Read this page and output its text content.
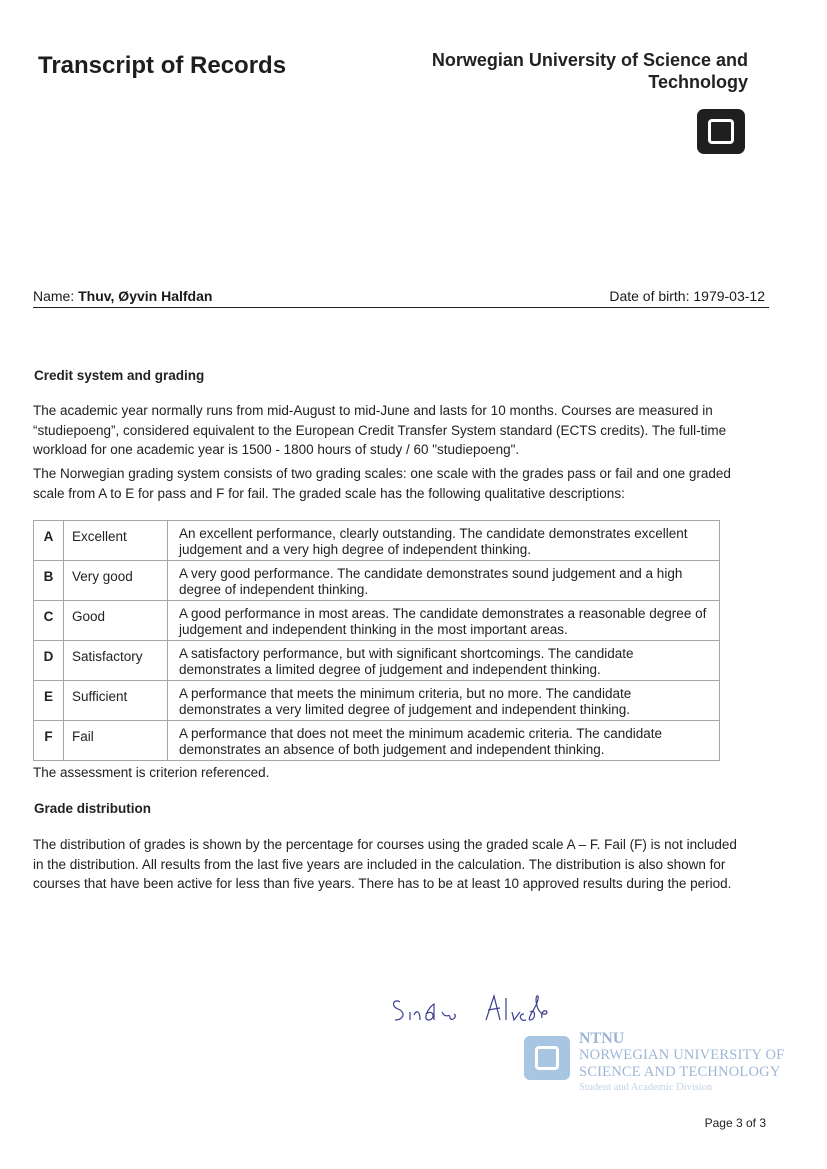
Transcript of Records	Norwegian University of Science and
Technology
Name: Thuv, Øyvin Halfdan	Date of birth: 1979-03-12
Credit system and grading

The academic year normally runs from mid-August to mid-June and lasts for 10 months. Courses are measured in “studiepoeng”, considered equivalent to the European Credit Transfer System standard (ECTS credits). The full-time workload for one academic year is 1500 - 1800 hours of study / 60 "studiepoeng".

The Norwegian grading system consists of two grading scales: one scale with the grades pass or fail and one graded scale from A to E for pass and F for fail. The graded scale has the following qualitative descriptions:

A	Excellent	An excellent performance, clearly outstanding. The candidate demonstrates excellent judgement and a very high degree of independent thinking.
B	Very good	A very good performance. The candidate demonstrates sound judgement and a high degree of independent thinking.
C	Good	A good performance in most areas. The candidate demonstrates a reasonable degree of judgement and independent thinking in the most important areas.
D	Satisfactory	A satisfactory performance, but with significant shortcomings. The candidate demonstrates a limited degree of judgement and independent thinking.
E	Sufficient	A performance that meets the minimum criteria, but no more. The candidate demonstrates a very limited degree of judgement and independent thinking.
F	Fail	A performance that does not meet the minimum academic criteria. The candidate demonstrates an absence of both judgement and independent thinking.
The assessment is criterion referenced.
Grade distribution

The distribution of grades is shown by the percentage for courses using the graded scale A – F. Fail (F) is not included in the distribution. All results from the last five years are included in the calculation. The distribution is also shown for courses that have been active for less than five years. There has to be at least 10 approved results during the period.

NTNU
NORWEGIAN UNIVERSITY OF
SCIENCE AND TECHNOLOGY
Student and Academic Division
Page 3 of 3
